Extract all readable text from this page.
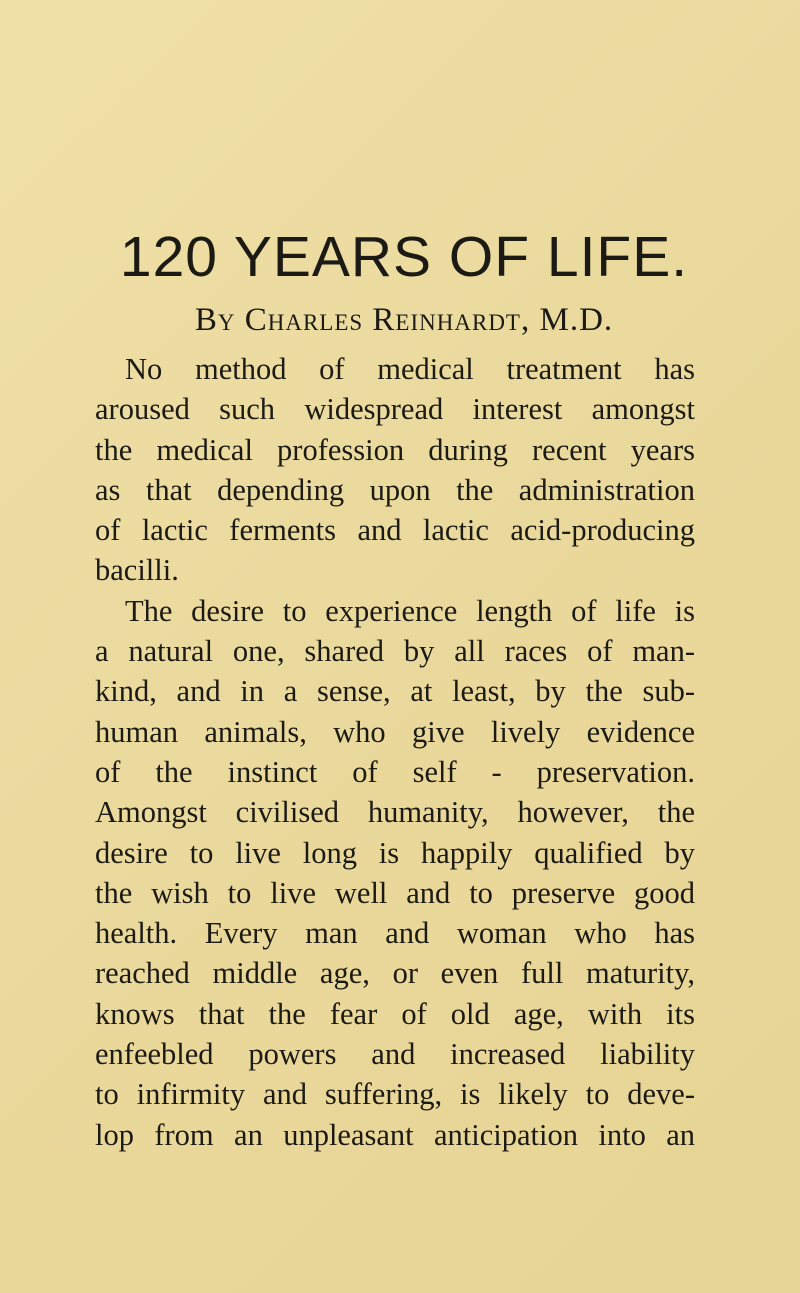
120 YEARS OF LIFE.

By Charles Reinhardt, M.D.

No method of medical treatment has
aroused such widespread interest amongst
the medical profession during recent years
as that depending upon the administration
of lactic ferments and lactic acid-producing
bacilli.
The desire to experience length of life is
a natural one, shared by all races of man-
kind, and in a sense, at least, by the sub-
human animals, who give lively evidence
of the instinct of self - preservation.
Amongst civilised humanity, however, the
desire to live long is happily qualified by
the wish to live well and to preserve good
health. Every man and woman who has
reached middle age, or even full maturity,
knows that the fear of old age, with its
enfeebled powers and increased liability
to infirmity and suffering, is likely to deve-
lop from an unpleasant anticipation into an
